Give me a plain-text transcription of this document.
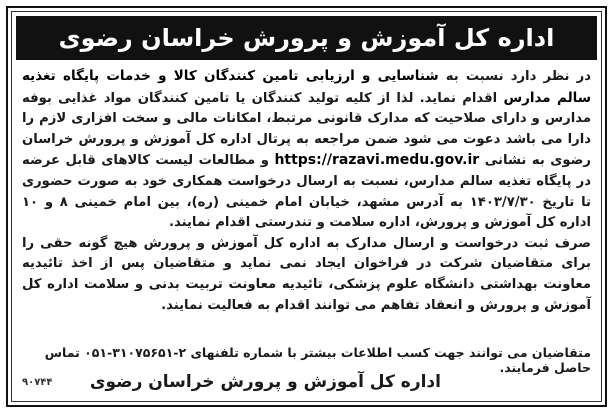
اداره کل آموزش و پرورش خراسان رضوی

در نظر دارد نسبت به شناسایی و ارزیابی تامین کنندگان کالا و خدمات پایگاه تغذیه سالم مدارس اقدام نماید. لذا از کلیه تولید کنندگان یا تامین کنندگان مواد غذایی بوفه مدارس و دارای صلاحیت که مدارک قانونی مرتبط، امکانات مالی و سخت افزاری لازم را دارا می باشد دعوت می شود ضمن مراجعه به پرتال اداره کل آموزش و پرورش خراسان رضوی به نشانی https://razavi.medu.gov.ir و مطالعات لیست کالاهای قابل عرضه در پایگاه تغذیه سالم مدارس، نسبت به ارسال درخواست همکاری خود به صورت حضوری تا تاریخ ۱۴۰۳/۷/۳۰ به آدرس مشهد، خیابان امام خمینی (ره)، بین امام خمینی ۸ و ۱۰ اداره کل آموزش و پرورش، اداره سلامت و تندرستی اقدام نمایند.

صرف ثبت درخواست و ارسال مدارک به اداره کل آموزش و پرورش هیچ گونه حقی را برای متقاضیان شرکت در فراخوان ایجاد نمی نماید و متقاضیان پس از اخذ تائیدیه معاونت بهداشتی دانشگاه علوم پزشکی، تائیدیه معاونت تربیت بدنی و سلامت اداره کل آموزش و پرورش و انعقاد تفاهم می توانند اقدام به فعالیت نمایند.

متقاضیان می توانند جهت کسب اطلاعات بیشتر با شماره تلفنهای ۲-۳۱۰۷۵۶۵۱-۰۵۱ تماس حاصل فرمایند.
اداره کل آموزش و پرورش خراسان رضوی
۹۰۷۴۴
